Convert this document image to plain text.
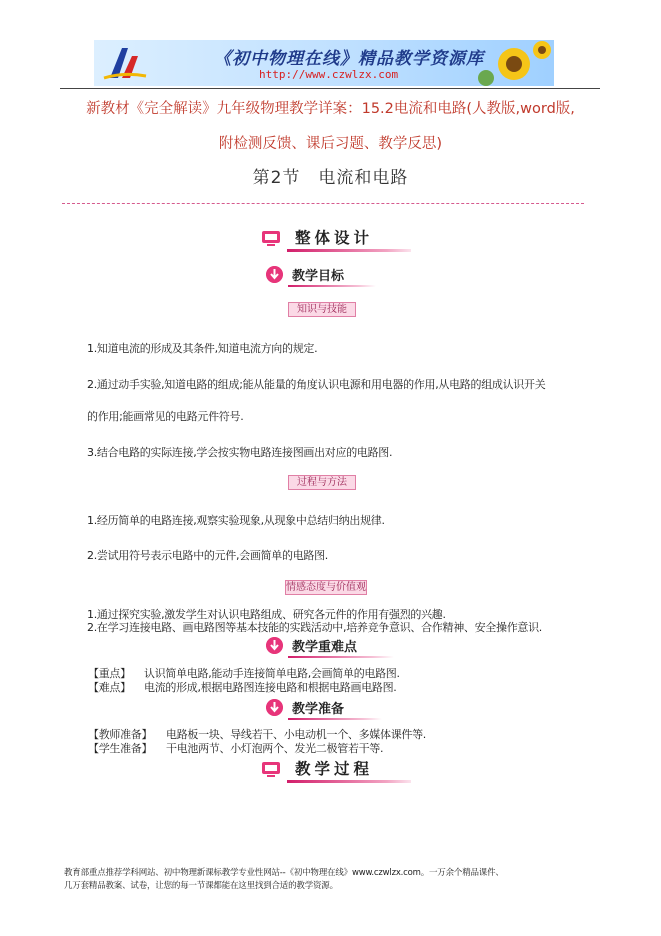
《初中物理在线》精品教学资源库
http://www.czwlzx.com
新教材《完全解读》九年级物理教学详案：15.2电流和电路(人教版,word版,
附检测反馈、课后习题、教学反思)
第2节　电流和电路
整体设计
教学目标
知识与技能
1.知道电流的形成及其条件,知道电流方向的规定.
2.通过动手实验,知道电路的组成;能从能量的角度认识电源和用电器的作用,从电路的组成认识开关
的作用;能画常见的电路元件符号.
3.结合电路的实际连接,学会按实物电路连接图画出对应的电路图.
过程与方法
1.经历简单的电路连接,观察实验现象,从现象中总结归纳出规律.
2.尝试用符号表示电路中的元件,会画简单的电路图.
情感态度与价值观
1.通过探究实验,激发学生对认识电路组成、研究各元件的作用有强烈的兴趣.
2.在学习连接电路、画电路图等基本技能的实践活动中,培养竞争意识、合作精神、安全操作意识.
教学重难点
【重点】 认识简单电路,能动手连接简单电路,会画简单的电路图.
【难点】 电流的形成,根据电路图连接电路和根据电路画电路图.
教学准备
【教师准备】 电路板一块、导线若干、小电动机一个、多媒体课件等.
【学生准备】 干电池两节、小灯泡两个、发光二极管若干等.
教学过程
教育部重点推荐学科网站、初中物理新课标教学专业性网站--《初中物理在线》www.czwlzx.com。一万余个精品课件、
几万套精品教案、试卷，让您的每一节课都能在这里找到合适的教学资源。
